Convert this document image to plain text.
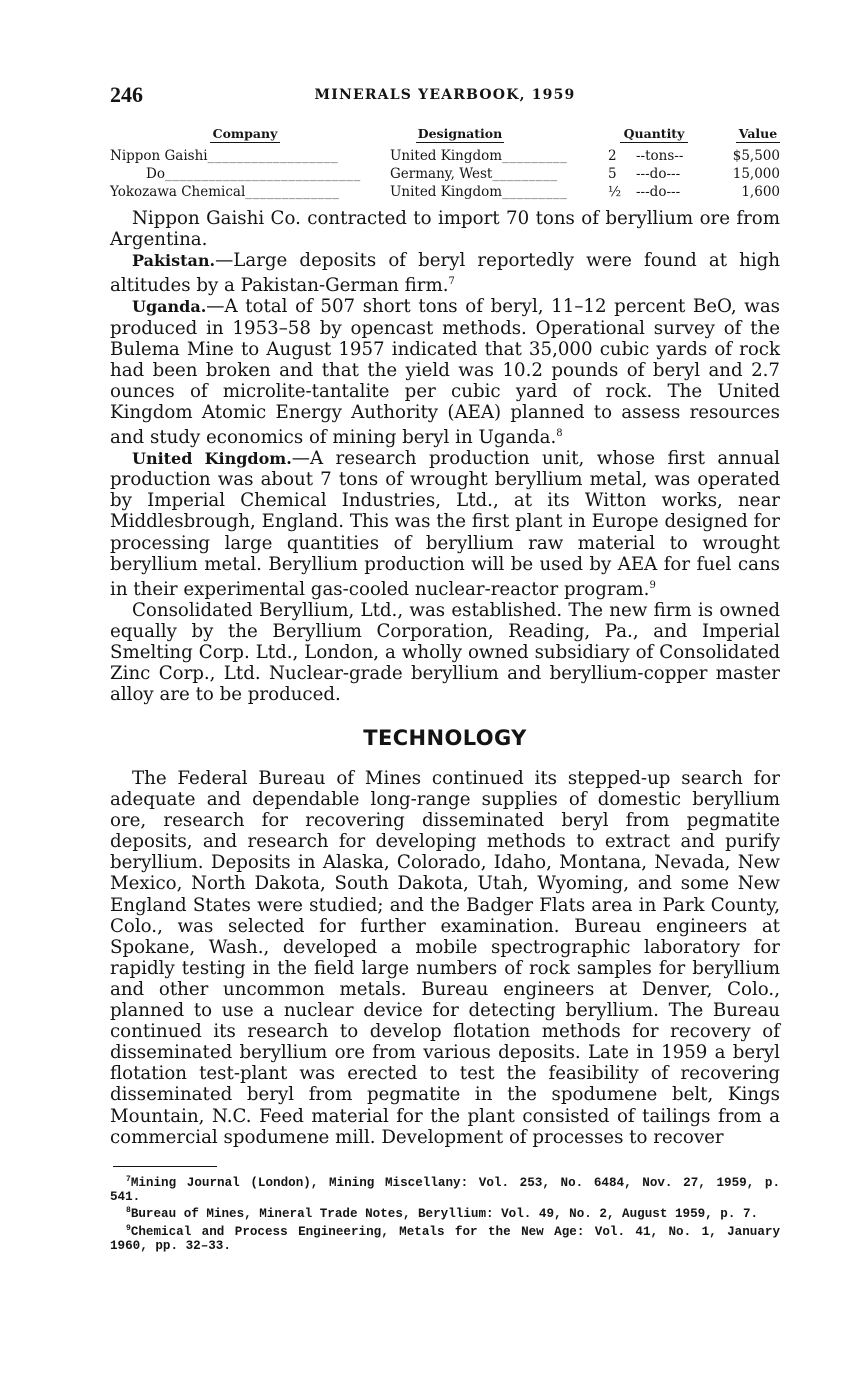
246	MINERALS YEARBOOK, 1959
Company	Designation	Quantity	Value
Nippon Gaishi__________________	United Kingdom_________	2 --tons--	$5,500
Do___________________________ Germany, West_________	5 ---do---	15,000
Yokozawa Chemical_____________	United Kingdom_________	½ ---do---	1,600

Nippon Gaishi Co. contracted to import 70 tons of beryllium ore from Argentina.

Pakistan.—Large deposits of beryl reportedly were found at high altitudes by a Pakistan-German firm.$^7$

Uganda.—A total of 507 short tons of beryl, 11–12 percent BeO, was produced in 1953–58 by opencast methods. Operational survey of the Bulema Mine to August 1957 indicated that 35,000 cubic yards of rock had been broken and that the yield was 10.2 pounds of beryl and 2.7 ounces of microlite-tantalite per cubic yard of rock. The United Kingdom Atomic Energy Authority (AEA) planned to assess resources and study economics of mining beryl in Uganda.$^8$

United Kingdom.—A research production unit, whose first annual production was about 7 tons of wrought beryllium metal, was operated by Imperial Chemical Industries, Ltd., at its Witton works, near Middlesbrough, England. This was the first plant in Europe designed for processing large quantities of beryllium raw material to wrought beryllium metal. Beryllium production will be used by AEA for fuel cans in their experimental gas-cooled nuclear-reactor program.$^9$

Consolidated Beryllium, Ltd., was established. The new firm is owned equally by the Beryllium Corporation, Reading, Pa., and Imperial Smelting Corp. Ltd., London, a wholly owned subsidiary of Consolidated Zinc Corp., Ltd. Nuclear-grade beryllium and beryllium-copper master alloy are to be produced.

TECHNOLOGY

The Federal Bureau of Mines continued its stepped-up search for adequate and dependable long-range supplies of domestic beryllium ore, research for recovering disseminated beryl from pegmatite deposits, and research for developing methods to extract and purify beryllium. Deposits in Alaska, Colorado, Idaho, Montana, Nevada, New Mexico, North Dakota, South Dakota, Utah, Wyoming, and some New England States were studied; and the Badger Flats area in Park County, Colo., was selected for further examination. Bureau engineers at Spokane, Wash., developed a mobile spectrographic laboratory for rapidly testing in the field large numbers of rock samples for beryllium and other uncommon metals. Bureau engineers at Denver, Colo., planned to use a nuclear device for detecting beryllium. The Bureau continued its research to develop flotation methods for recovery of disseminated beryllium ore from various deposits. Late in 1959 a beryl flotation test-plant was erected to test the feasibility of recovering disseminated beryl from pegmatite in the spodumene belt, Kings Mountain, N.C. Feed material for the plant consisted of tailings from a commercial spodumene mill. Development of processes to recover

$^7$Mining Journal (London), Mining Miscellany: Vol. 253, No. 6484, Nov. 27, 1959, p. 541.

$^8$Bureau of Mines, Mineral Trade Notes, Beryllium: Vol. 49, No. 2, August 1959, p. 7.

$^9$Chemical and Process Engineering, Metals for the New Age: Vol. 41, No. 1, January 1960, pp. 32–33.
